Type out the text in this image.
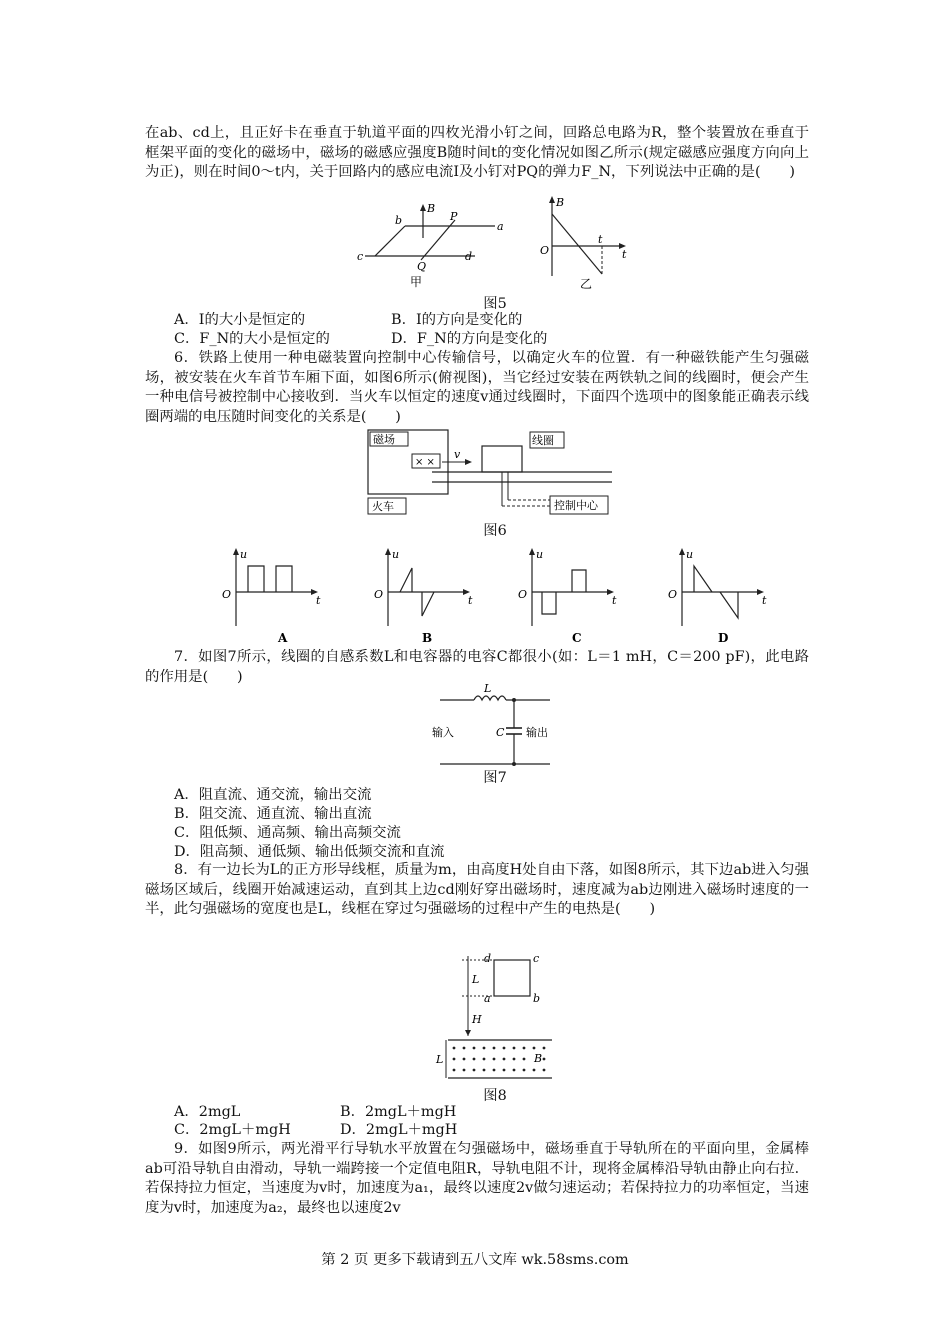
在ab、cd上，且正好卡在垂直于轨道平面的四枚光滑小钉之间，回路总电路为R，整个装置放在垂直于框架平面的变化的磁场中，磁场的磁感应强度B随时间t的变化情况如图乙所示(规定磁感应强度方向向上为正)，则在时间0～t内，关于回路内的感应电流I及小钉对PQ的弹力F_N，下列说法中正确的是(　　)

b
B
P
a
c
Q
d
甲
B
O
t
t
乙
图5
A．I的大小是恒定的	B．I的方向是变化的
C．F_N的大小是恒定的	D．F_N的方向是变化的

6．铁路上使用一种电磁装置向控制中心传输信号，以确定火车的位置．有一种磁铁能产生匀强磁场，被安装在火车首节车厢下面，如图6所示(俯视图)，当它经过安装在两铁轨之间的线圈时，便会产生一种电信号被控制中心接收到．当火车以恒定的速度v通过线圈时，下面四个选项中的图象能正确表示线圈两端的电压随时间变化的关系是(　　)

磁场
× ×
v
线圈
火车	控制中心
图6
u
O	t
A
u
O	t
B
u
O	t
C
u
O	t
D

7．如图7所示，线圈的自感系数L和电容器的电容C都很小(如：L＝1 mH，C＝200 pF)，此电路的作用是(　　)

L
C
输入	输出
图7
A．阻直流、通交流，输出交流
B．阻交流、通直流、输出直流
C．阻低频、通高频、输出高频交流
D．阻高频、通低频、输出低频交流和直流

8．有一边长为L的正方形导线框，质量为m，由高度H处自由下落，如图8所示，其下边ab进入匀强磁场区域后，线圈开始减速运动，直到其上边cd刚好穿出磁场时，速度减为ab边刚进入磁场时速度的一半，此匀强磁场的宽度也是L，线框在穿过匀强磁场的过程中产生的电热是(　　)

d	c
a	b
L
H
L	B
图8
A．2mgL	B．2mgL＋mgH
C．2mgL＋mgH	D．2mgL＋mgH

9．如图9所示，两光滑平行导轨水平放置在匀强磁场中，磁场垂直于导轨所在的平面向里，金属棒ab可沿导轨自由滑动，导轨一端跨接一个定值电阻R，导轨电阻不计，现将金属棒沿导轨由静止向右拉．若保持拉力恒定，当速度为v时，加速度为a₁，最终以速度2v做匀速运动；若保持拉力的功率恒定，当速度为v时，加速度为a₂，最终也以速度2v

第 2 页 更多下载请到五八文库 wk.58sms.com
